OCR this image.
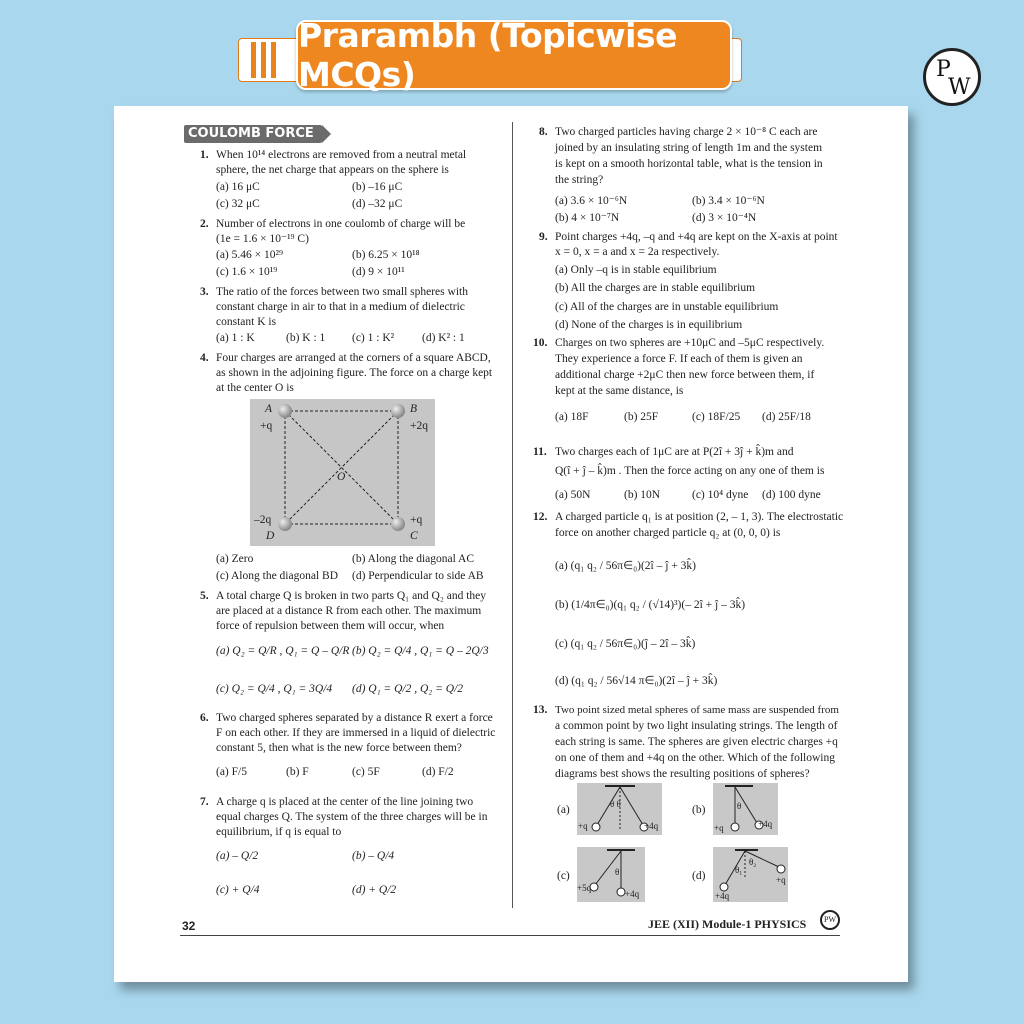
Prarambh (Topicwise MCQs)	P
W
COULOMB FORCE
1. When 10¹⁴ electrons are removed from a neutral metal
sphere, the net charge that appears on the sphere is
(a) 16 μC	(b) –16 μC
(c) 32 μC	(d) –32 μC
2. Number of electrons in one coulomb of charge will be
(1e = 1.6 × 10⁻¹⁹ C)
(a) 5.46 × 10²⁹	(b) 6.25 × 10¹⁸
(c) 1.6 × 10¹⁹	(d) 9 × 10¹¹
3. The ratio of the forces between two small spheres with
constant charge in air to that in a medium of dielectric
constant K is
(a) 1 : K	(b) K : 1 (c) 1 : K² (d) K² : 1
4. Four charges are arranged at the corners of a square ABCD,
as shown in the adjoining figure. The force on a charge kept
at the center O is
A
+q
B
+2q
O
–2q
D
+q
C
(a) Zero	(b) Along the diagonal AC
(c) Along the diagonal BD (d) Perpendicular to side AB
5. A total charge Q is broken in two parts Q₁ and Q₂ and they
are placed at a distance R from each other. The maximum
force of repulsion between them will occur, when
(a) Q₂ = Q/R , Q₁ = Q – Q/R (b) Q₂ = Q/4 , Q₁ = Q – 2Q/3
(c) Q₂ = Q/4 , Q₁ = 3Q/4 (d) Q₁ = Q/2 , Q₂ = Q/2
6. Two charged spheres separated by a distance R exert a force
F on each other. If they are immersed in a liquid of dielectric
constant 5, then what is the new force between them?
(a) F/5	(b) F	(c) 5F	(d) F/2
7. A charge q is placed at the center of the line joining two
equal charges Q. The system of the three charges will be in
equilibrium, if q is equal to
(a) – Q/2	(b) – Q/4
(c) + Q/4	(d) + Q/2
8. Two charged particles having charge 2 × 10⁻⁸ C each are
joined by an insulating string of length 1m and the system
is kept on a smooth horizontal table, what is the tension in
the string?
(a) 3.6 × 10⁻⁶N	(b) 3.4 × 10⁻⁶N
(b) 4 × 10⁻⁷N	(d) 3 × 10⁻⁴N
9. Point charges +4q, –q and +4q are kept on the X-axis at point
x = 0, x = a and x = 2a respectively.
(a) Only –q is in stable equilibrium
(b) All the charges are in stable equilibrium
(c) All of the charges are in unstable equilibrium
(d) None of the charges is in equilibrium
10. Charges on two spheres are +10μC and –5μC respectively.
They experience a force F. If each of them is given an
additional charge +2μC then new force between them, if
kept at the same distance, is
(a) 18F	(b) 25F	(c) 18F/25 (d) 25F/18
11. Two charges each of 1μC are at P(2î + 3ĵ + k̂)m and
Q(î + ĵ – k̂)m . Then the force acting on any one of them is
(a) 50N	(b) 10N	(c) 10⁴ dyne (d) 100 dyne
12. A charged particle q₁ is at position (2, – 1, 3). The electrostatic
force on another charged particle q₂ at (0, 0, 0) is
(a) (q₁ q₂ / 56π∈₀)(2î – ĵ + 3k̂)
(b) (1/4π∈₀)(q₁ q₂ / (√14)³)(– 2î + ĵ – 3k̂)
(c) (q₁ q₂ / 56π∈₀)(ĵ – 2î – 3k̂)
(d) (q₁ q₂ / 56√14 π∈₀)(2î – ĵ + 3k̂)
13. Two point sized metal spheres of same mass are suspended from
a common point by two light insulating strings. The length of
each string is same. The spheres are given electric charges +q
on one of them and +4q on the other. Which of the following
diagrams best shows the resulting positions of spheres?
(a)
+q	+4q
θ θ	(b)
+q	+4q
θ
(c)
+5q
+4q
θ	(d)
+4q
+q
θ₁
θ₂
32	JEE (XII) Module-1 PHYSICS	PW
